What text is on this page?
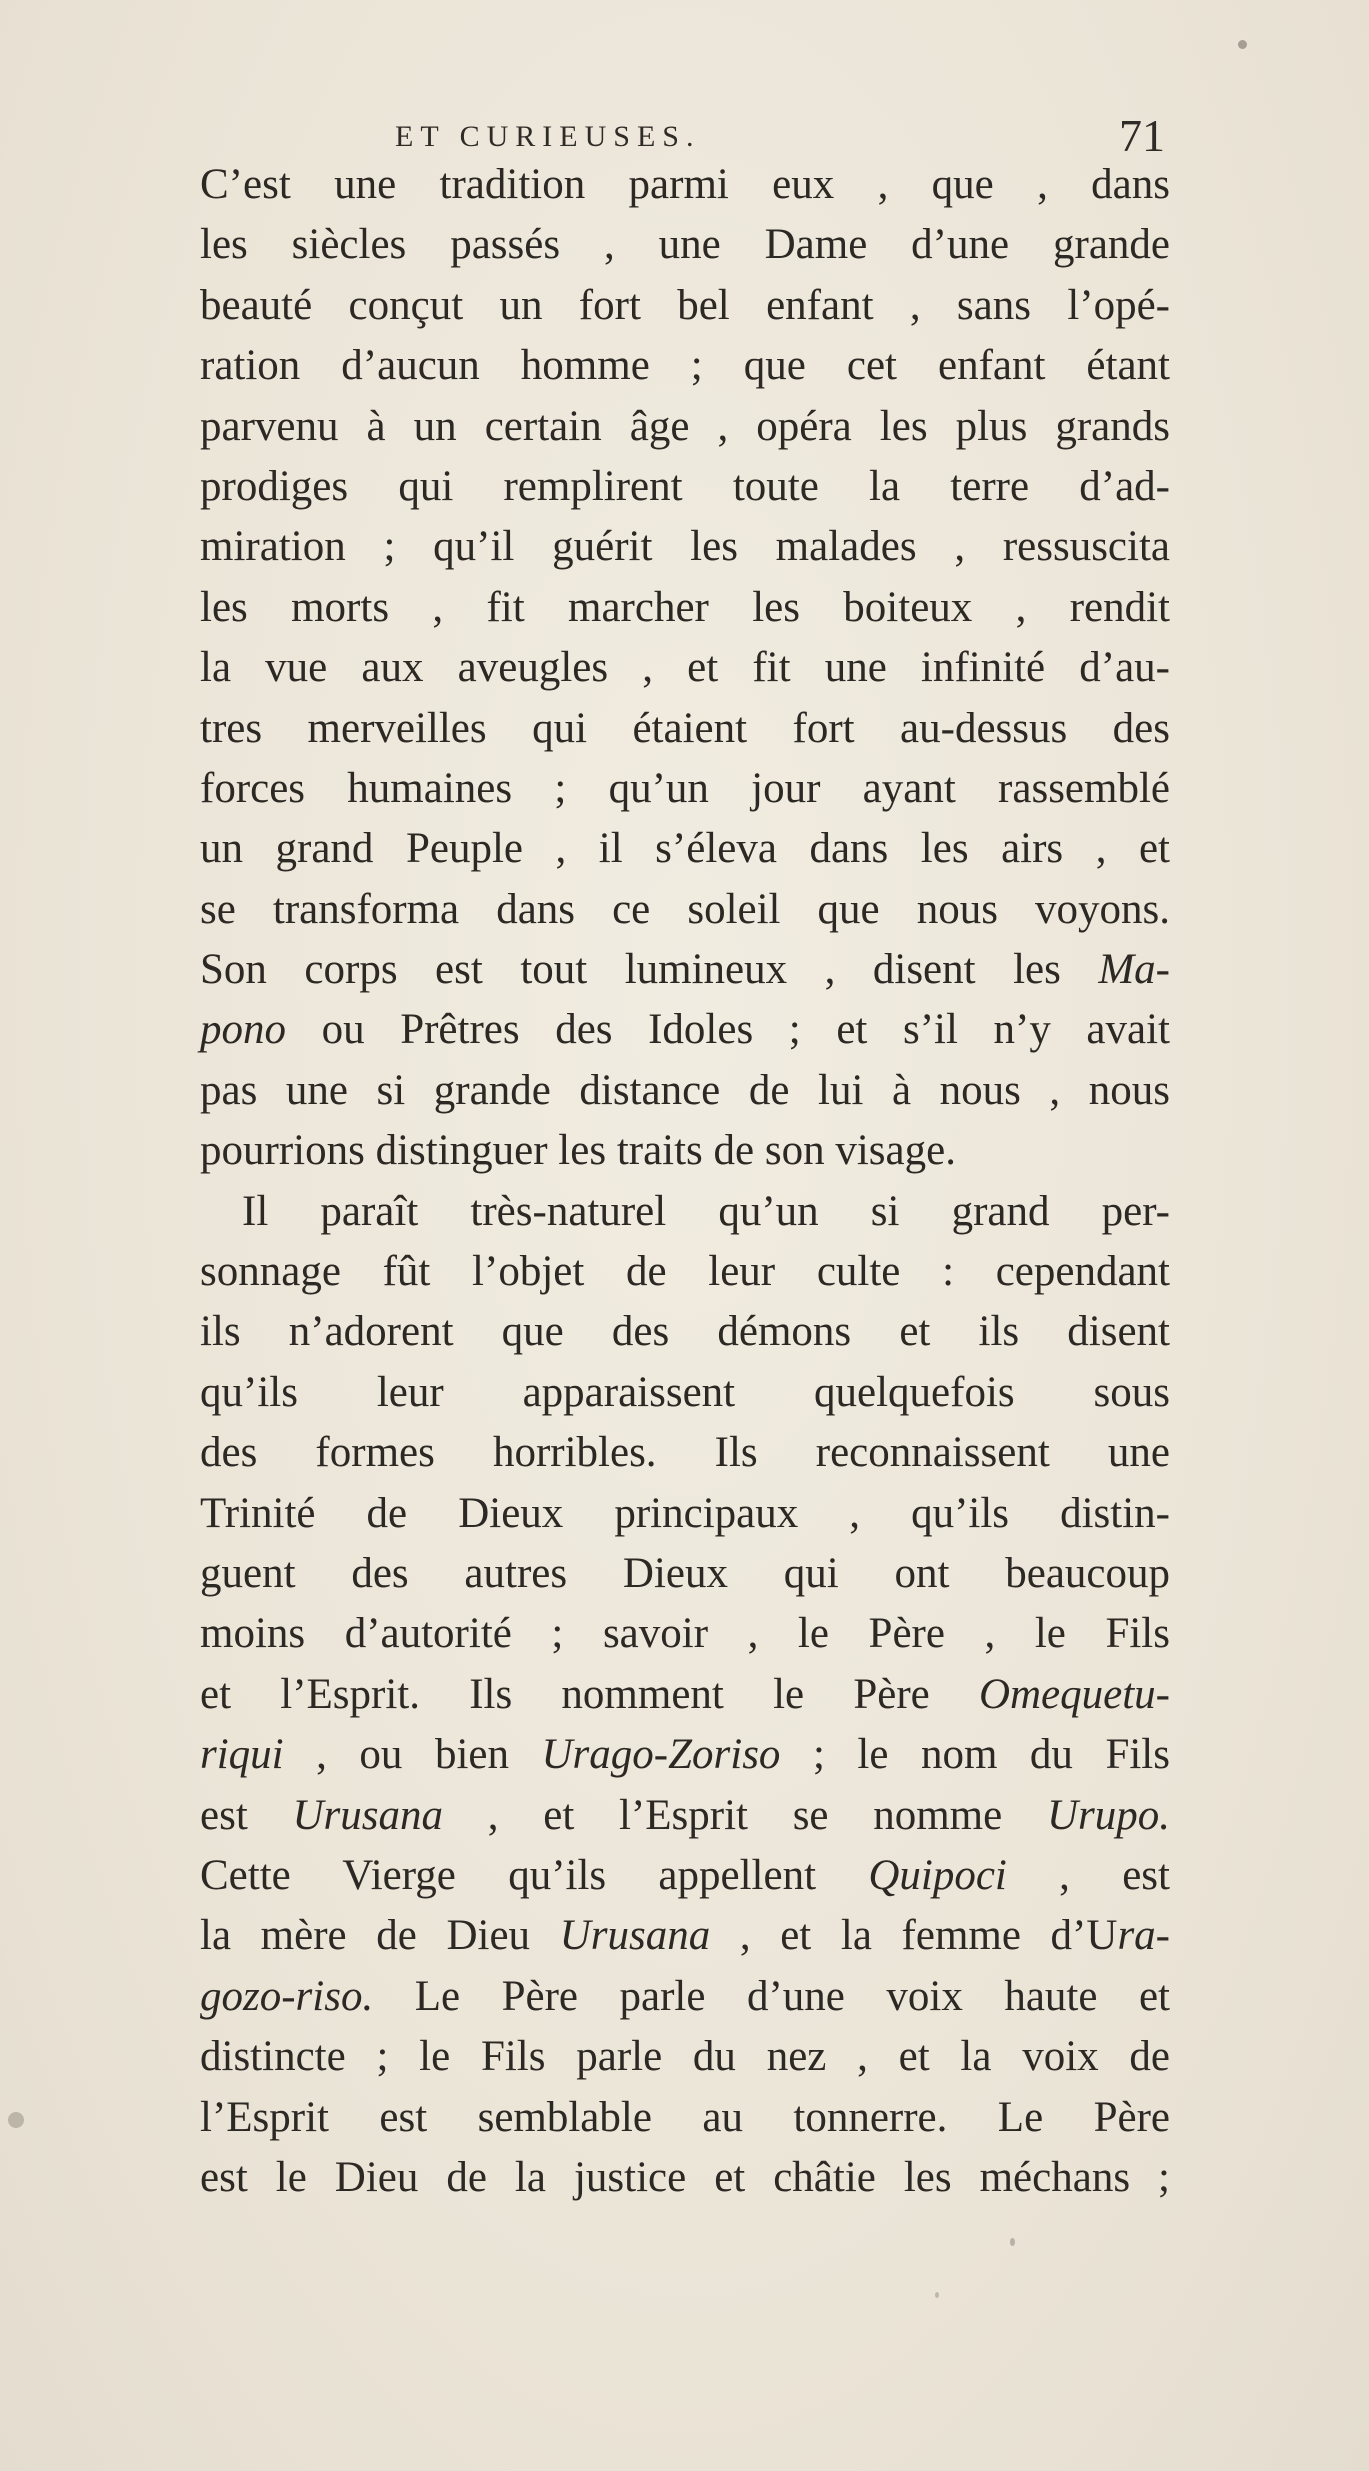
ET CURIEUSES.	71
C’est une tradition parmi eux , que , dans
les siècles passés , une Dame d’une grande
beauté conçut un fort bel enfant , sans l’opé-
ration d’aucun homme ; que cet enfant étant
parvenu à un certain âge , opéra les plus grands
prodiges qui remplirent toute la terre d’ad-
miration ; qu’il guérit les malades , ressuscita
les morts , fit marcher les boiteux , rendit
la vue aux aveugles , et fit une infinité d’au-
tres merveilles qui étaient fort au-dessus des
forces humaines ; qu’un jour ayant rassemblé
un grand Peuple , il s’éleva dans les airs , et
se transforma dans ce soleil que nous voyons.
Son corps est tout lumineux , disent les Ma-
pono ou Prêtres des Idoles ; et s’il n’y avait
pas une si grande distance de lui à nous , nous
pourrions distinguer les traits de son visage.
Il paraît très-naturel qu’un si grand per-
sonnage fût l’objet de leur culte : cependant
ils n’adorent que des démons et ils disent
qu’ils leur apparaissent quelquefois sous
des formes horribles. Ils reconnaissent une
Trinité de Dieux principaux , qu’ils distin-
guent des autres Dieux qui ont beaucoup
moins d’autorité ; savoir , le Père , le Fils
et l’Esprit. Ils nomment le Père Omequetu-
riqui , ou bien Urago-Zoriso ; le nom du Fils
est Urusana , et l’Esprit se nomme Urupo.
Cette Vierge qu’ils appellent Quipoci , est
la mère de Dieu Urusana , et la femme d’Ura-
gozo-riso. Le Père parle d’une voix haute et
distincte ; le Fils parle du nez , et la voix de
l’Esprit est semblable au tonnerre. Le Père
est le Dieu de la justice et châtie les méchans ;
